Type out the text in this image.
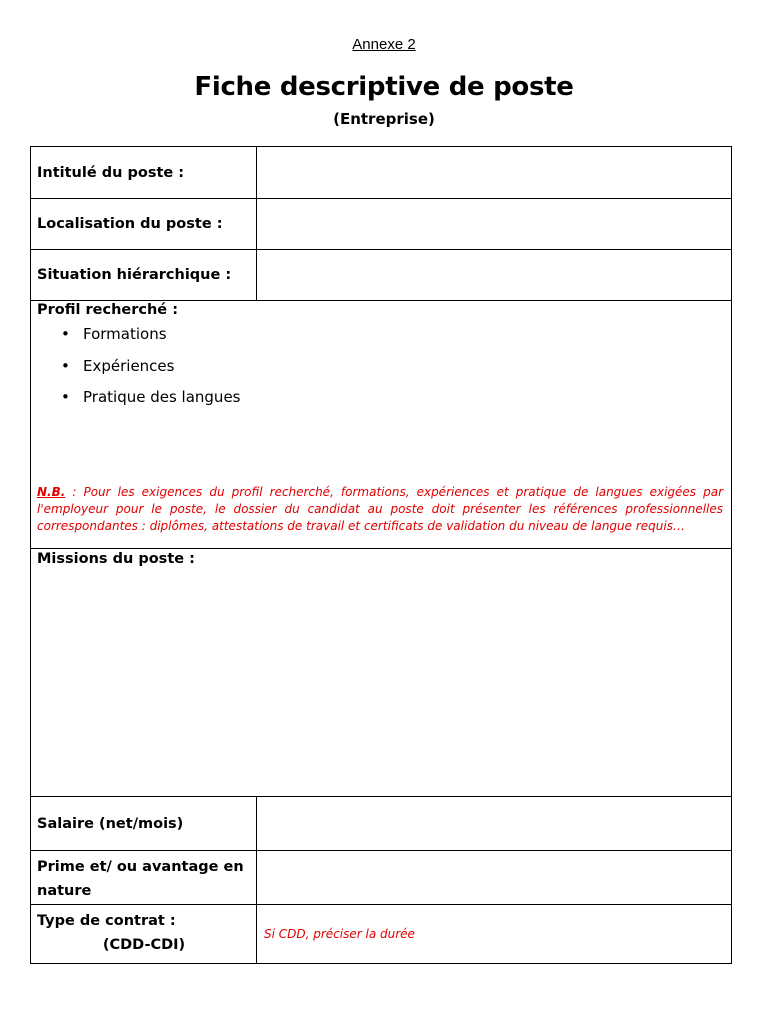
Annexe 2
Fiche descriptive de poste
(Entreprise)
Intitulé du poste :
Localisation du poste :
Situation hiérarchique :
Profil recherché :
• Formations
• Expériences
• Pratique des langues
N.B. : Pour les exigences du profil recherché, formations, expériences et pratique de langues exigées par l'employeur pour le poste, le dossier du candidat au poste doit présenter les références professionnelles correspondantes : diplômes, attestations de travail et certificats de validation du niveau de langue requis…
Missions du poste :
Salaire (net/mois)
Prime et/ ou avantage en
nature
Type de contrat :
(CDD-CDI)
Si CDD, préciser la durée
